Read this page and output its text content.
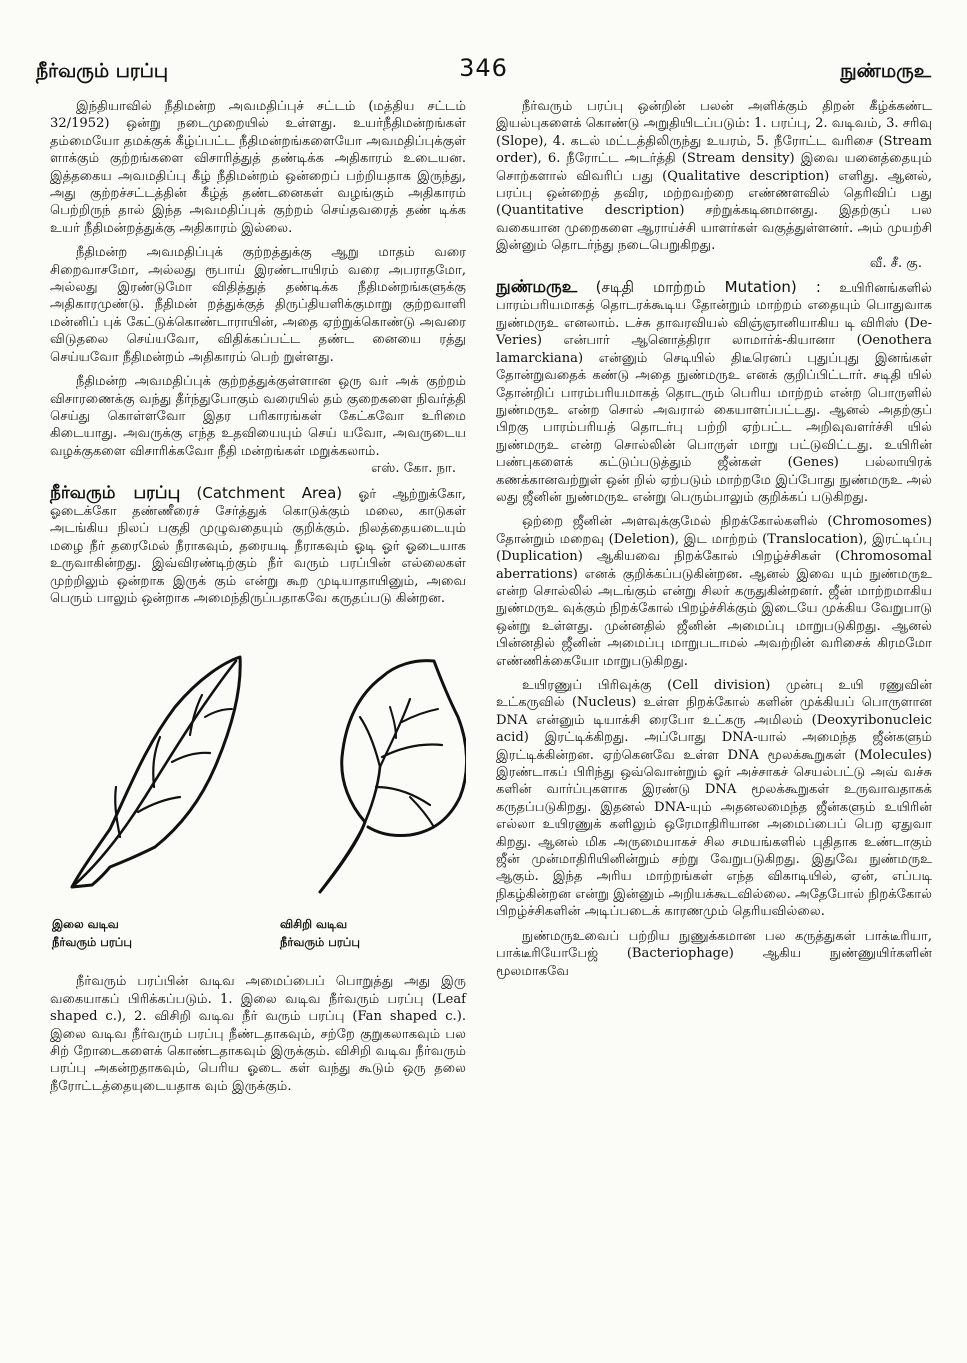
நீர்வரும் பரப்பு	346	நுண்மருஉ

இந்தியாவில் நீதிமன்ற அவமதிப்புச் சட்டம் (மத்திய சட்டம் 32/1952) ஒன்று நடைமுறையில் உள்ளது. உயர்நீதிமன்றங்கள் தம்மையோ தமக்குக் கீழ்ப்பட்ட நீதிமன்றங்களையோ அவமதிப்புக்குள் ளாக்கும் குற்றங்களை விசாரித்துத் தண்டிக்க அதிகாரம் உடையன. இத்தகைய அவமதிப்பு கீழ் நீதிமன்றம் ஒன்றைப் பற்றியதாக இருந்து, அது குற்றச்சட்டத்தின் கீழ்த் தண்டனைகள் வழங்கும் அதிகாரம் பெற்றிருந் தால் இந்த அவமதிப்புக் குற்றம் செய்தவரைத் தண் டிக்க உயர் நீதிமன்றத்துக்கு அதிகாரம் இல்லை.

நீதிமன்ற அவமதிப்புக் குற்றத்துக்கு ஆறு மாதம் வரை சிறைவாசமோ, அல்லது ரூபாய் இரண்டாயிரம் வரை அபராதமோ, அல்லது இரண்டுமோ விதித்துத் தண்டிக்க நீதிமன்றங்களுக்கு அதிகாரமுண்டு. நீதிமன் றத்துக்குத் திருப்தியளிக்குமாறு குற்றவாளி மன்னிப் புக் கேட்டுக்கொண்டாராயின், அதை ஏற்றுக்கொண்டு அவரை விடுதலை செய்யவோ, விதிக்கப்பட்ட தண்ட னையை ரத்து செய்யவோ நீதிமன்றம் அதிகாரம் பெற் றுள்ளது.

நீதிமன்ற அவமதிப்புக் குற்றத்துக்குள்ளான ஒரு வர் அக் குற்றம் விசாரணைக்கு வந்து தீர்ந்துபோகும் வரையில் தம் குறைகளை நிவர்த்தி செய்து கொள்ளவோ இதர பரிகாரங்கள் கேட்கவோ உரிமை கிடையாது. அவருக்கு எந்த உதவியையும் செய் யவோ, அவருடைய வழக்குகளை விசாரிக்கவோ நீதி மன்றங்கள் மறுக்கலாம்.
எஸ். கோ. நா.

நீர்வரும் பரப்பு (Catchment Area) ஓர் ஆற்றுக்கோ, ஓடைக்கோ தண்ணீரைச் சேர்த்துக் கொடுக்கும் மலை, காடுகள் அடங்கிய நிலப் பகுதி முழுவதையும் குறிக்கும். நிலத்தையடையும் மழை நீர் தரைமேல் நீராகவும், தரையடி நீராகவும் ஓடி ஓர் ஓடையாக உருவாகின்றது. இவ்விரண்டிற்கும் நீர் வரும் பரப்பின் எல்லைகள் முற்றிலும் ஒன்றாக இருக் கும் என்று கூற முடியாதாயினும், அவை பெரும் பாலும் ஒன்றாக அமைந்திருப்பதாகவே கருதப்படு கின்றன.

இலை வடிவ
நீர்வரும் பரப்பு
விசிறி வடிவ
நீர்வரும் பரப்பு

நீர்வரும் பரப்பின் வடிவ அமைப்பைப் பொறுத்து அது இரு வகையாகப் பிரிக்கப்படும். 1. இலை வடிவ நீர்வரும் பரப்பு (Leaf shaped c.), 2. விசிறி வடிவ நீர் வரும் பரப்பு (Fan shaped c.). இலை வடிவ நீர்வரும் பரப்பு நீண்டதாகவும், சற்றே குறுகலாகவும் பல சிற் றோடைகளைக் கொண்டதாகவும் இருக்கும். விசிறி வடிவ நீர்வரும் பரப்பு அகன்றதாகவும், பெரிய ஓடை கள் வந்து கூடும் ஒரு தலை நீரோட்டத்தையுடையதாக வும் இருக்கும்.

நீர்வரும் பரப்பு ஒன்றின் பலன் அளிக்கும் திறன் கீழ்க்கண்ட இயல்புகளைக் கொண்டு அறுதியிடப்படும்: 1. பரப்பு, 2. வடிவம், 3. சரிவு (Slope), 4. கடல் மட்டத்திலிருந்து உயரம், 5. நீரோட்ட வரிசை (Stream order), 6. நீரோட்ட அடர்த்தி (Stream density) இவை யனைத்தையும் சொற்களால் விவரிப் பது (Qualitative description) எளிது. ஆனல், பரப்பு ஒன்றைத் தவிர, மற்றவற்றை எண்ணளவில் தெரிவிப் பது (Quantitative description) சற்றுக்கடினமானது. இதற்குப் பல வகையான முறைகளை ஆராய்ச்சி யாளர்கள் வகுத்துள்ளனர். அம் முயற்சி இன்னும் தொடர்ந்து நடைபெறுகிறது.
வீ. சீ. கு.

நுண்மருஉ (சடிதி மாற்றம் Mutation) : உயிரினங்களில் பாரம்பரியமாகத் தொடரக்கூடிய தோன்றும் மாற்றம் எதையும் பொதுவாக நுண்மருஉ எனலாம். டச்சு தாவரவியல் விஞ்ஞானியாகிய டி விரிஸ் (De-Veries) என்பார் ஆனொத்திரா லாமார்க்-கியானா (Oenothera lamarckiana) என்னும் செடியில் திடீரெனப் புதுப்புது இனங்கள் தோன்றுவதைக் கண்டு அதை நுண்மருஉ எனக் குறிப்பிட்டார். சடிதி யில் தோன்றிப் பாரம்பரியமாகத் தொடரும் பெரிய மாற்றம் என்ற பொருளில் நுண்மருஉ என்ற சொல் அவரால் கையாளப்பட்டது. ஆனல் அதற்குப் பிறகு பாரம்பரியத் தொடர்பு பற்றி ஏற்பட்ட அறிவுவளர்ச்சி யில் நுண்மருஉ என்ற சொல்லின் பொருள் மாறு பட்டுவிட்டது. உயிரின் பண்புகளைக் கட்டுப்படுத்தும் ஜீன்கள் (Genes) பல்லாயிரக் கணக்கானவற்றுள் ஒன் றில் ஏற்படும் மாற்றமே இப்போது நுண்மருஉ அல் லது ஜீனின் நுண்மருஉ என்று பெரும்பாலும் குறிக்கப் படுகிறது.

ஒற்றை ஜீனின் அளவுக்குமேல் நிறக்கோல்களில் (Chromosomes) தோன்றும் மறைவு (Deletion), இட மாற்றம் (Translocation), இரட்டிப்பு (Duplication) ஆகியவை நிறக்கோல் பிறழ்ச்சிகள் (Chromosomal aberrations) எனக் குறிக்கப்படுகின்றன. ஆனல் இவை யும் நுண்மருஉ என்ற சொல்லில் அடங்கும் என்று சிலர் கருதுகின்றனர். ஜீன் மாற்றமாகிய நுண்மருஉ வுக்கும் நிறக்கோல் பிறழ்ச்சிக்கும் இடையே முக்கிய வேறுபாடு ஒன்று உள்ளது. முன்னதில் ஜீனின் அமைப்பு மாறுபடுகிறது. ஆனல் பின்னதில் ஜீனின் அமைப்பு மாறுபடாமல் அவற்றின் வரிசைக் கிரமமோ எண்ணிக்கையோ மாறுபடுகிறது.

உயிரணுப் பிரிவுக்கு (Cell division) முன்பு உயி ரணுவின் உட்கருவில் (Nucleus) உள்ள நிறக்கோல் களின் முக்கியப் பொருளான DNA என்னும் டியாக்சி ரைபோ உட்கரு அமிலம் (Deoxyribonucleic acid) இரட்டிக்கிறது. அப்போது DNA-யால் அமைந்த ஜீன்களும் இரட்டிக்கின்றன. ஏற்கெனவே உள்ள DNA மூலக்கூறுகள் (Molecules) இரண்டாகப் பிரிந்து ஒவ்வொன்றும் ஓர் அச்சாகச் செயல்பட்டு அவ் வச்சு களின் வார்ப்புகளாக இரண்டு DNA மூலக்கூறுகள் உருவாவதாகக் கருதப்படுகிறது. இதனல் DNA-யும் அதனலமைந்த ஜீன்களும் உயிரின் எல்லா உயிரணுக் களிலும் ஒரேமாதிரியான அமைப்பைப் பெற ஏதுவா கிறது. ஆனல் மிக அருமையாகச் சில சமயங்களில் புதிதாக உண்டாகும் ஜீன் முன்மாதிரியினின்றும் சற்று வேறுபடுகிறது. இதுவே நுண்மருஉ ஆகும். இந்த அரிய மாற்றங்கள் எந்த விகாடியில், ஏன், எப்படி நிகழ்கின்றன என்று இன்னும் அறியக்கூடவில்லை. அதேபோல் நிறக்கோல் பிறழ்ச்சிகளின் அடிப்படைக் காரணமும் தெரியவில்லை.

நுண்மருஉவைப் பற்றிய நுணுக்கமான பல கருத்துகள் பாக்டீரியா, பாக்டீரியோபேஜ் (Bacteriophage) ஆகிய நுண்ணுயிர்களின் மூலமாகவே
